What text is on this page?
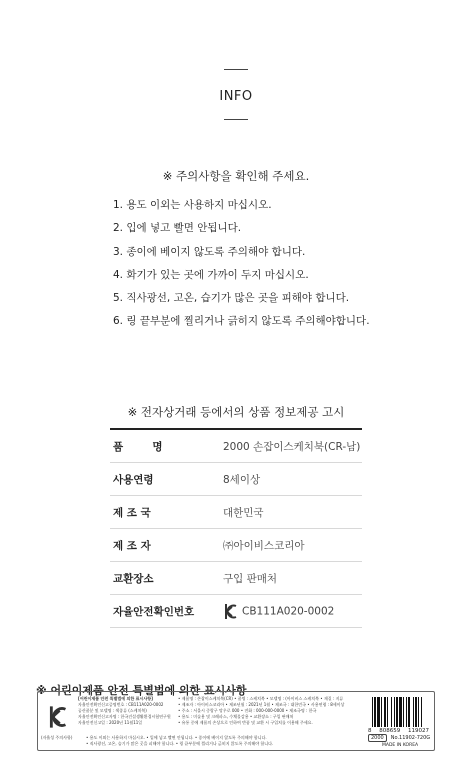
INFO
※ 주의사항을 확인해 주세요.
1. 용도 이외는 사용하지 마십시오.
2. 입에 넣고 빨면 안됩니다.
3. 종이에 베이지 않도록 주의해야 합니다.
4. 화기가 있는 곳에 가까이 두지 마십시오.
5. 직사광선, 고온, 습기가 많은 곳을 피해야 합니다.
6. 링 끝부분에 찔리거나 긁히지 않도록 주의해야합니다.
※ 전자상거래 등에서의 상품 정보제공 고시
품        명	2000 손잡이스케치북(CR-남)
사용연령	8세이상
제 조 국	대한민국
제 조 자	㈜아이비스코리아
교환장소	구입 판매처
자율안전확인번호	CB111A020-0002
※ 어린이제품 안전 특별법에 의한 표시사항
(자율성 주의사항)
[어린이제품 안전 특별법에 의한 표시사항]
자율안전확인신고증명번호 : CB111A020-0002
공산품분 및 모델명 : 색종류 (스케치북)
자율안전확인신고자명 : 한국건설생활환경시험연구원
자율안전신고일 : 2020년 11월11일
• 제품명 : 손잡이스케치북(CR) • 품명 : 스케치북 • 모델명 : (아이비스 스케치북 • 재질 : 지류
• 제조자 : 아이비스코리아 • 제조년월 : 2021년 1월 • 제조국 : 대한민국 • 사용연령 : 8세이상
• 주소 : 서울시 중랑구 망우로 000 • 전화 : 000-000-0000 • 제조국명 : 한국
• 용도 : 미술용 및 크레파스, 수채물감용 • 교환장소 : 구입 판매처
• 유통 중에 제품의 손상으로 인하여 반품 및 교환 시 구입처를 이용해 주세요.
• 용도 이외는 사용하지 마십시오. • 입에 넣고 빨면 안됩니다. • 종이에 베이지 않도록 주의해야 합니다.
• 직사광선, 고온, 습기가 많은 곳을 피해야 합니다. • 링 끝부분에 찔리거나 긁히지 않도록 주의해야 합니다.
8 808659 119027
2000 No.11902-720G
MADE IN KOREA
